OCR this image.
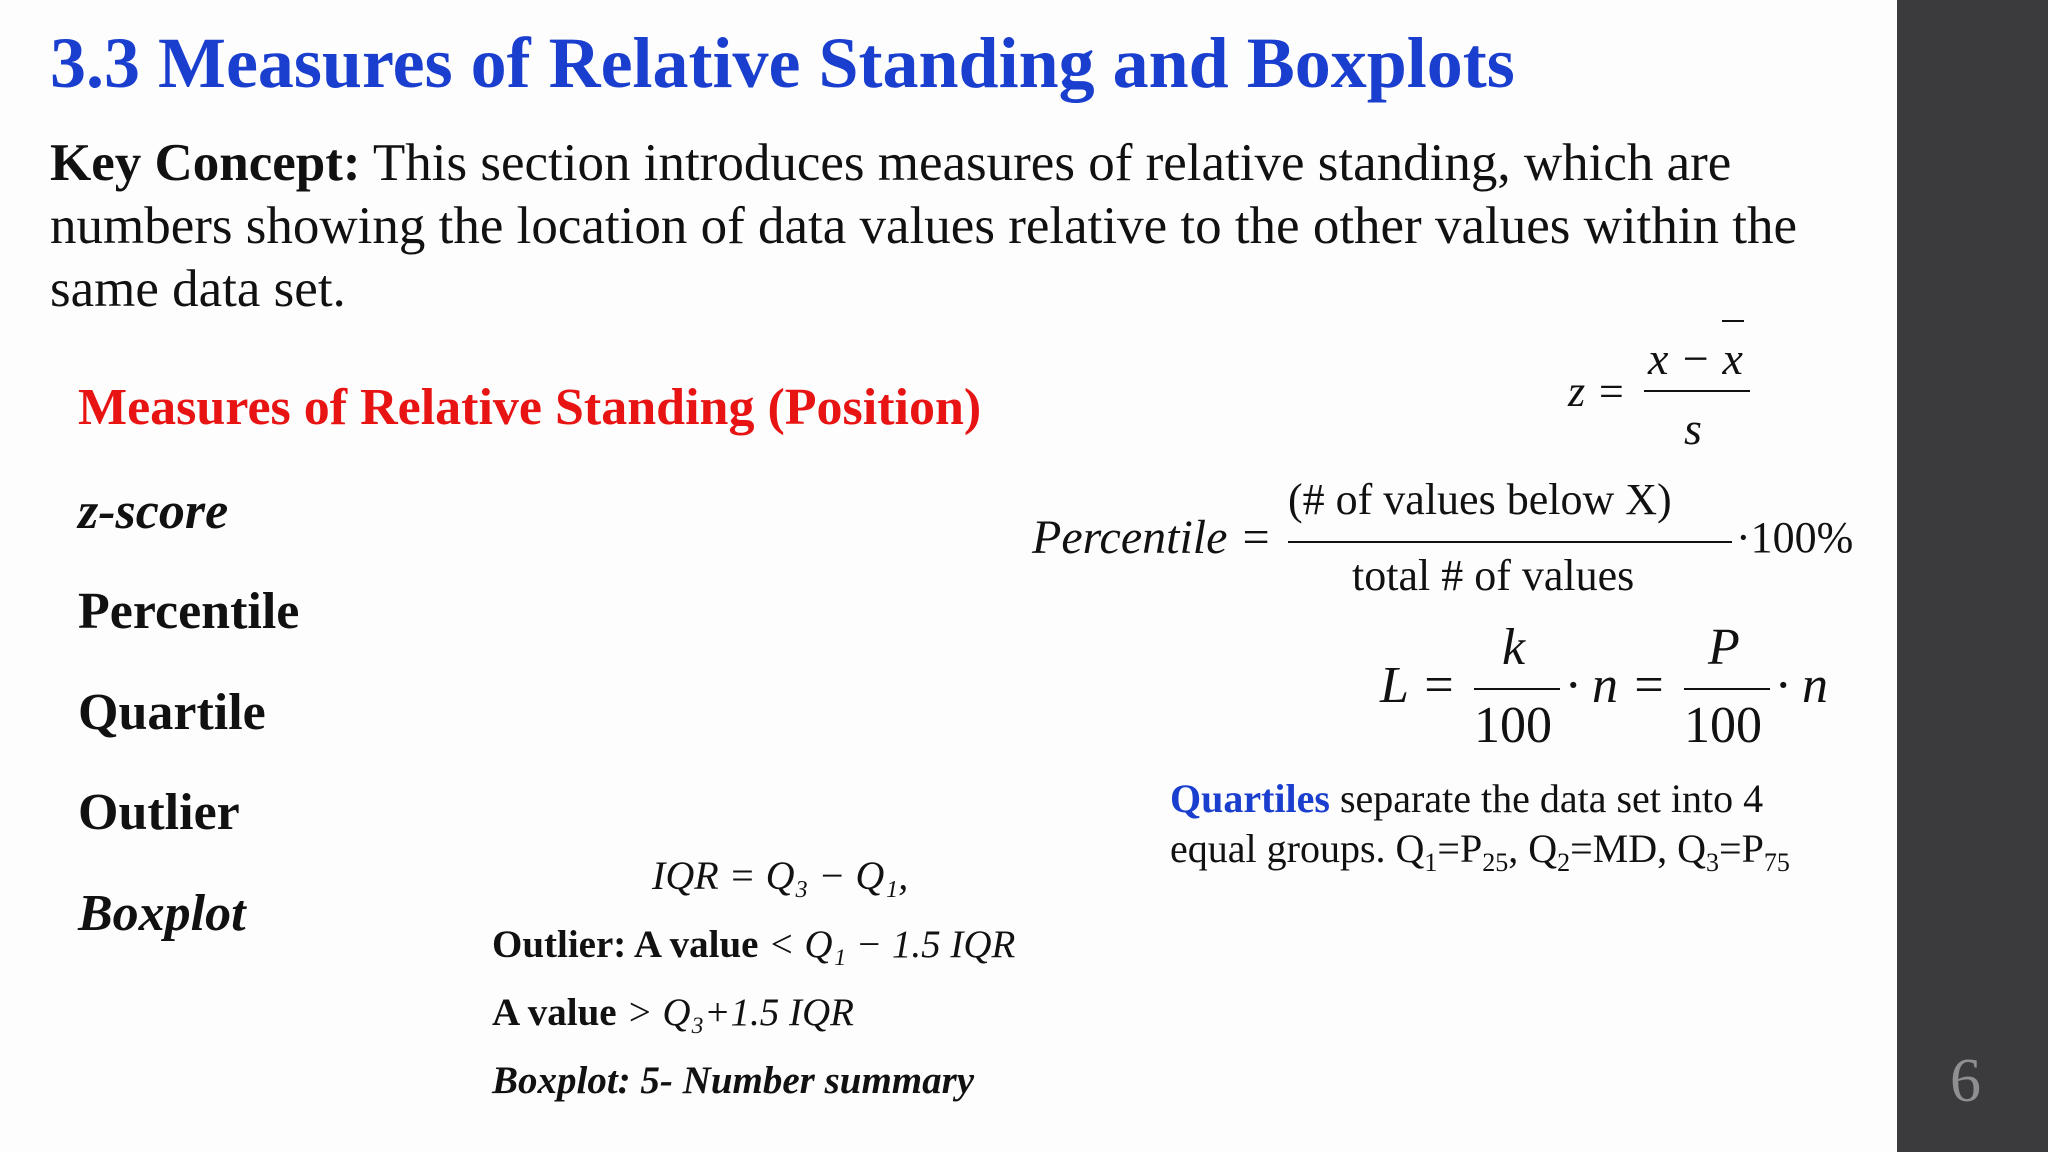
6
3.3 Measures of Relative Standing and Boxplots
Key Concept: This section introduces measures of relative standing, which are numbers showing the location of data values relative to the other values within the same data set.
Measures of Relative Standing (Position)
z-score
Percentile
Quartile
Outlier
Boxplot
z =
x − x
s
Percentile =
(# of values below X)
total # of values
·100%
L =
k
100
· n =
P
100
· n
Quartiles separate the data set into 4
equal groups. $Q_1=P_{25}$, $Q_2=MD$, $Q_3=P_{75}$
IQR = Q₃ − Q₁,
Outlier: A value < Q₁ − 1.5 IQR
A value > Q₃+1.5 IQR
Boxplot: 5- Number summary
